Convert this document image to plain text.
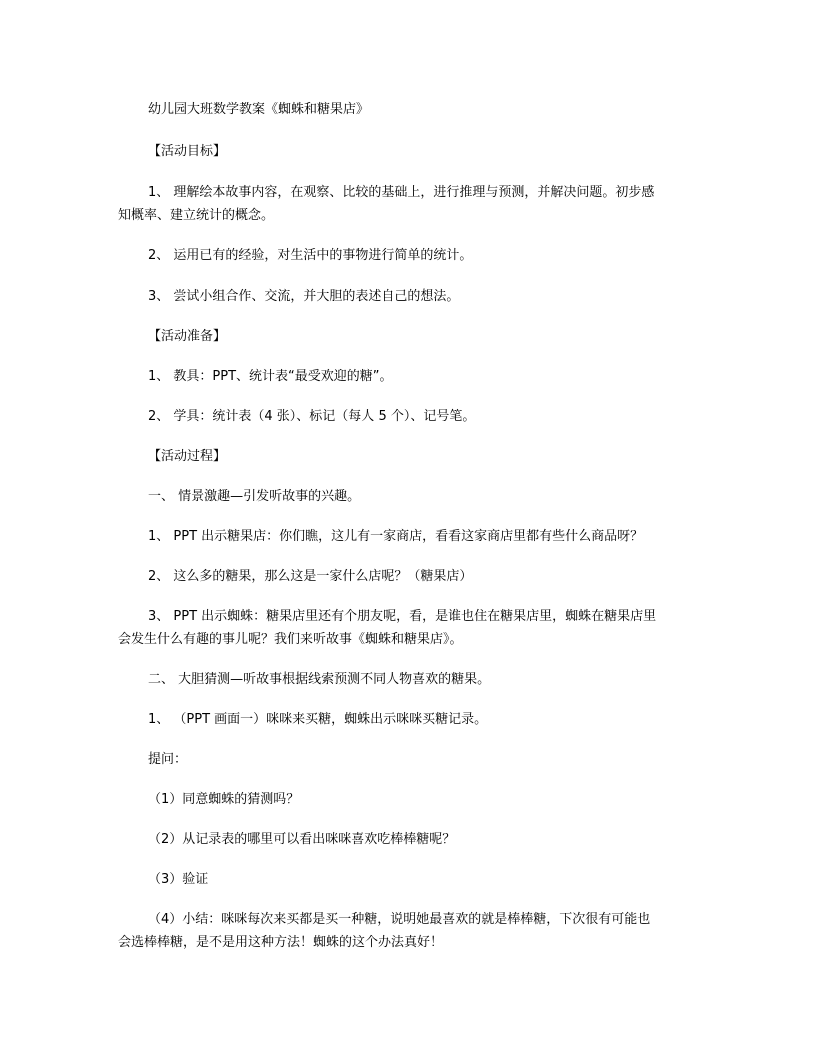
幼儿园大班数学教案《蜘蛛和糖果店》

【活动目标】

1、 理解绘本故事内容，在观察、比较的基础上，进行推理与预测，并解决问题。初步感

知概率、建立统计的概念。

2、 运用已有的经验，对生活中的事物进行简单的统计。

3、 尝试小组合作、交流，并大胆的表述自己的想法。

【活动准备】

1、 教具：PPT、统计表“最受欢迎的糖”。

2、 学具：统计表（4 张）、标记（每人 5 个）、记号笔。

【活动过程】

一、 情景激趣—引发听故事的兴趣。

1、 PPT 出示糖果店：你们瞧，这儿有一家商店，看看这家商店里都有些什么商品呀？

2、 这么多的糖果，那么这是一家什么店呢？（糖果店）

3、 PPT 出示蜘蛛：糖果店里还有个朋友呢，看，是谁也住在糖果店里，蜘蛛在糖果店里

会发生什么有趣的事儿呢？我们来听故事《蜘蛛和糖果店》。

二、 大胆猜测—听故事根据线索预测不同人物喜欢的糖果。

1、 （PPT 画面一）咪咪来买糖，蜘蛛出示咪咪买糖记录。

提问：

（1）同意蜘蛛的猜测吗？

（2）从记录表的哪里可以看出咪咪喜欢吃棒棒糖呢？

（3）验证

（4）小结：咪咪每次来买都是买一种糖，说明她最喜欢的就是棒棒糖，下次很有可能也

会选棒棒糖，是不是用这种方法！蜘蛛的这个办法真好！
